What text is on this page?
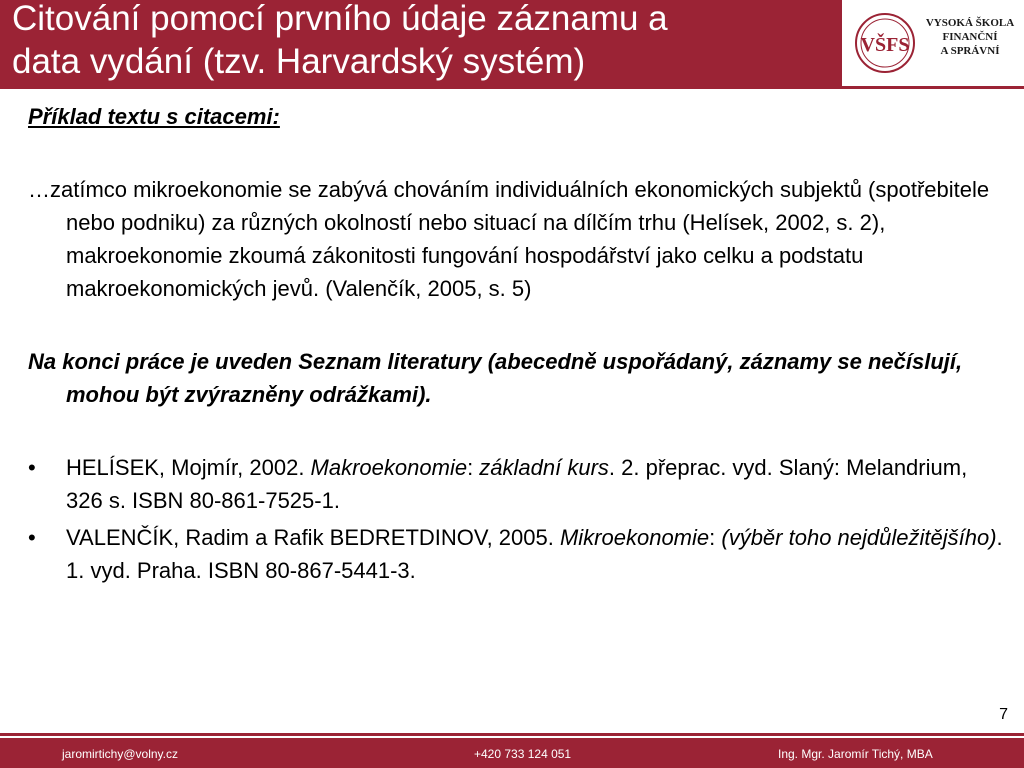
Citování pomocí prvního údaje záznamu a
data vydání (tzv. Harvardský systém)	VŠFS
VYSOKÁ ŠKOLA
FINANČNÍ
A SPRÁVNÍ

Příklad textu s citacemi:

…zatímco mikroekonomie se zabývá chováním individuálních ekonomických subjektů (spotřebitele nebo podniku) za různých okolností nebo situací na dílčím trhu (Helísek, 2002, s. 2), makroekonomie zkoumá zákonitosti fungování hospodářství jako celku a podstatu makroekonomických jevů. (Valenčík, 2005, s. 5)

Na konci práce je uveden Seznam literatury (abecedně uspořádaný, záznamy se nečíslují, mohou být zvýrazněny odrážkami).

• HELÍSEK, Mojmír, 2002. Makroekonomie: základní kurs. 2. přeprac. vyd. Slaný: Melandrium, 326 s. ISBN 80-861-7525-1.
• VALENČÍK, Radim a Rafik BEDRETDINOV, 2005. Mikroekonomie: (výběr toho nejdůležitějšího). 1. vyd. Praha. ISBN 80-867-5441-3.
7
jaromirtichy@volny.cz	+420 733 124 051	Ing. Mgr. Jaromír Tichý, MBA
